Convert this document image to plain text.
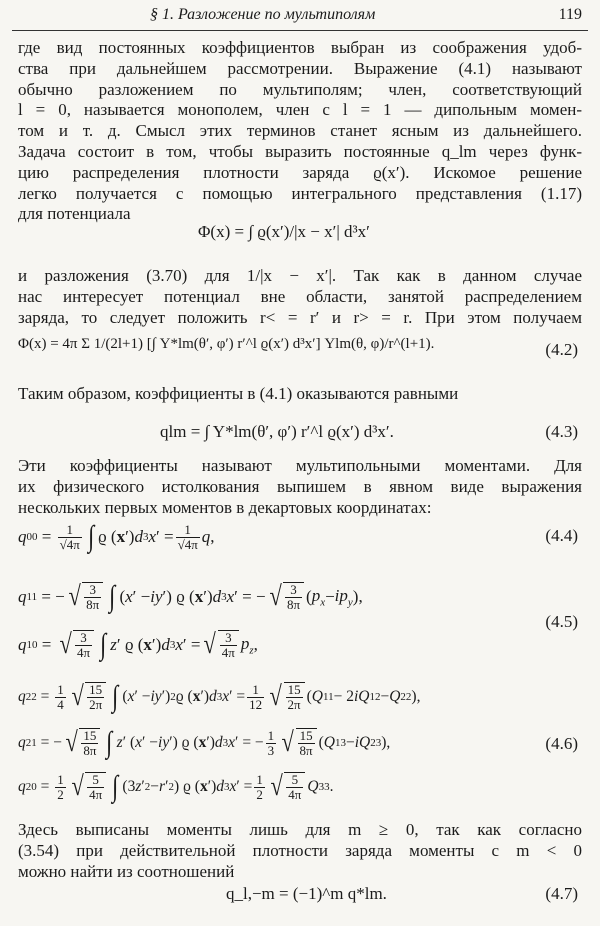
§ 1. Разложение по мультиполям	119
где вид постоянных коэффициентов выбран из соображения удоб-
ства при дальнейшем рассмотрении. Выражение (4.1) называют
обычно разложением по мультиполям; член, соответствующий
l = 0, называется монополем, член с l = 1 — дипольным момен-
том и т. д. Смысл этих терминов станет ясным из дальнейшего.
Задача состоит в том, чтобы выразить постоянные q_lm через функ-
цию распределения плотности заряда ϱ(x′). Искомое решение
легко получается с помощью интегрального представления (1.17)
для потенциала
Φ(x) = ∫ ϱ(x′)/|x − x′| d³x′
и разложения (3.70) для 1/|x − x′|. Так как в данном случае
нас интересует потенциал вне области, занятой распределением
заряда, то следует положить r< = r′ и r> = r. При этом получаем
Φ(x) = 4π Σ 1/(2l+1) [∫ Y*lm(θ′, φ′) r′^l ϱ(x′) d³x′] Ylm(θ, φ)/r^(l+1).	(4.2)
Таким образом, коэффициенты в (4.1) оказываются равными
qlm = ∫ Y*lm(θ′, φ′) r′^l ϱ(x′) d³x′.	(4.3)
Эти коэффициенты называют мультипольными моментами. Для
их физического истолкования выпишем в явном виде выражения
нескольких первых моментов в декартовых координатах:
q $00 = \frac{1}{√4\pi}$ ∫ ϱ ( x ′) d 3 x ′ = $\frac{1}{√4\pi}$ q ,	(4.4)
q 11 = − √ $\frac{3}{8\pi}$ ∫ ( x ′ − iy ′) ϱ ( x ′) d 3 x ′ = − √ $\frac{3}{8\pi}$ ( $p_x - ip_y$ ),
q 10 = √ $\frac{3}{4\pi}$ ∫ z ′ ϱ ( x ′) d 3 x ′ = √ $\frac{3}{4\pi} p_z$ ,
(4.5)
q $22 = \frac{1}{4}$ √ $\frac{15}{2\pi}$ ∫ ( x ′ − iy ′) 2 ϱ ( x ′) d 3 x ′ = $\frac{1}{12}$ √ $\frac{15}{2\pi}$ ( Q 11 − 2 iQ 12 − Q 22 ),
q 21 = − √ $\frac{15}{8\pi}$ ∫ z ′ ( x ′ − iy ′) ϱ ( x ′) d 3 x ′ = − $\frac{1}{3}$ √ $\frac{15}{8\pi}$ ( Q 13 − iQ 23 ),	(4.6)
q $20 = \frac{1}{2}$ √ $\frac{5}{4\pi}$ ∫ (3 z ′ 2 − r ′ 2 ) ϱ ( x ′) d 3 x ′ = $\frac{1}{2}$ √ $\frac{5}{4\pi}$ Q 33 .
Здесь выписаны моменты лишь для m ≥ 0, так как согласно
(3.54) при действительной плотности заряда моменты с m < 0
можно найти из соотношений
q_l,−m = (−1)^m q*lm.	(4.7)
